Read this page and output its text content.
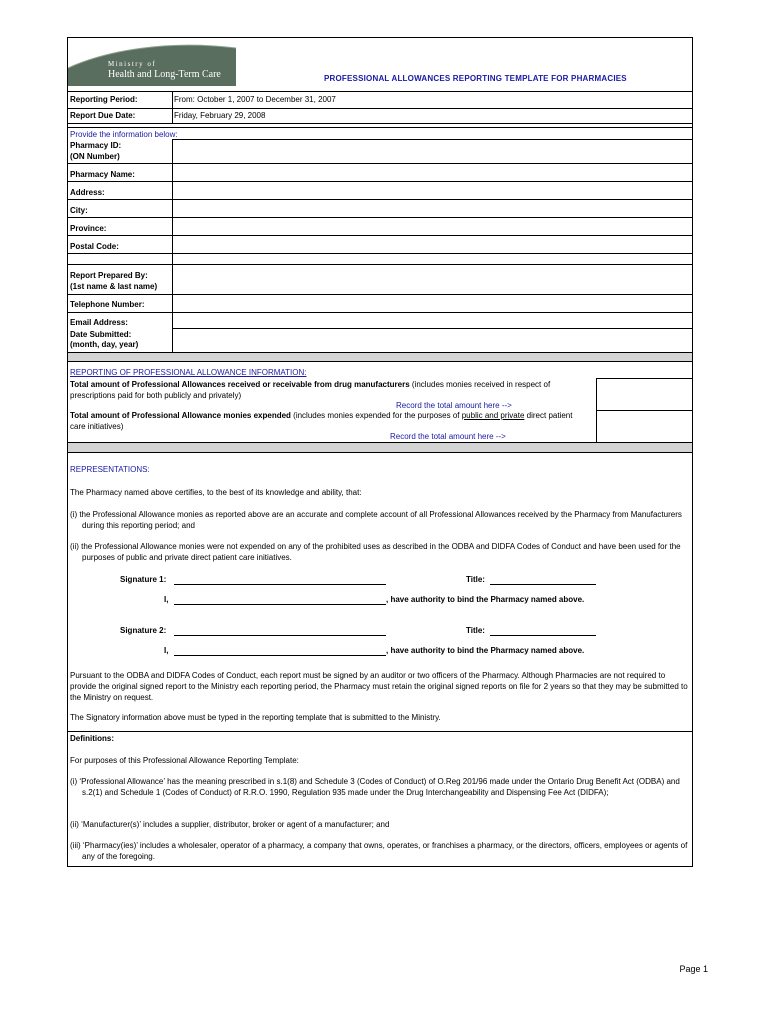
Ministry of
Health and Long-Term Care	PROFESSIONAL ALLOWANCES REPORTING TEMPLATE FOR PHARMACIES
Reporting Period:	From: October 1, 2007 to December 31, 2007
Report Due Date:	Friday, February 29, 2008
Provide the information below:
Pharmacy ID:
(ON Number)
Pharmacy Name:
Address:
City:
Province:
Postal Code:
Report Prepared By:
(1st name & last name)
Telephone Number:
Email Address:
Date Submitted:
(month, day, year)
REPORTING OF PROFESSIONAL ALLOWANCE INFORMATION:
Total amount of Professional Allowances received or receivable from drug manufacturers (includes monies received in respect of
prescriptions paid for both publicly and privately)
Record the total amount here -->
Total amount of Professional Allowance monies expended (includes monies expended for the purposes of public and private direct patient
care initiatives)
Record the total amount here -->
REPRESENTATIONS:
The Pharmacy named above certifies, to the best of its knowledge and ability, that:
(i) the Professional Allowance monies as reported above are an accurate and complete account of all Professional Allowances received by the Pharmacy from Manufacturers during this reporting period; and
(ii) the Professional Allowance monies were not expended on any of the prohibited uses as described in the ODBA and DIDFA Codes of Conduct and have been used for the purposes of public and private direct patient care initiatives.
Signature 1:	Title:
I,	, have authority to bind the Pharmacy named above.
Signature 2:	Title:
I,	, have authority to bind the Pharmacy named above.
Pursuant to the ODBA and DIDFA Codes of Conduct, each report must be signed by an auditor or two officers of the Pharmacy. Although Pharmacies are not required to provide the original signed report to the Ministry each reporting period, the Pharmacy must retain the original signed reports on file for 2 years so that they may be submitted to the Ministry on request.
The Signatory information above must be typed in the reporting template that is submitted to the Ministry.
Definitions:
For purposes of this Professional Allowance Reporting Template:
(i) ‘Professional Allowance’ has the meaning prescribed in s.1(8) and Schedule 3 (Codes of Conduct) of O.Reg 201/96 made under the Ontario Drug Benefit Act (ODBA) and s.2(1) and Schedule 1 (Codes of Conduct) of R.R.O. 1990, Regulation 935 made under the Drug Interchangeability and Dispensing Fee Act (DIDFA);
(ii) ‘Manufacturer(s)’ includes a supplier, distributor, broker or agent of a manufacturer; and
(iii) ‘Pharmacy(ies)’ includes a wholesaler, operator of a pharmacy, a company that owns, operates, or franchises a pharmacy, or the directors, officers, employees or agents of any of the foregoing.
Page 1
